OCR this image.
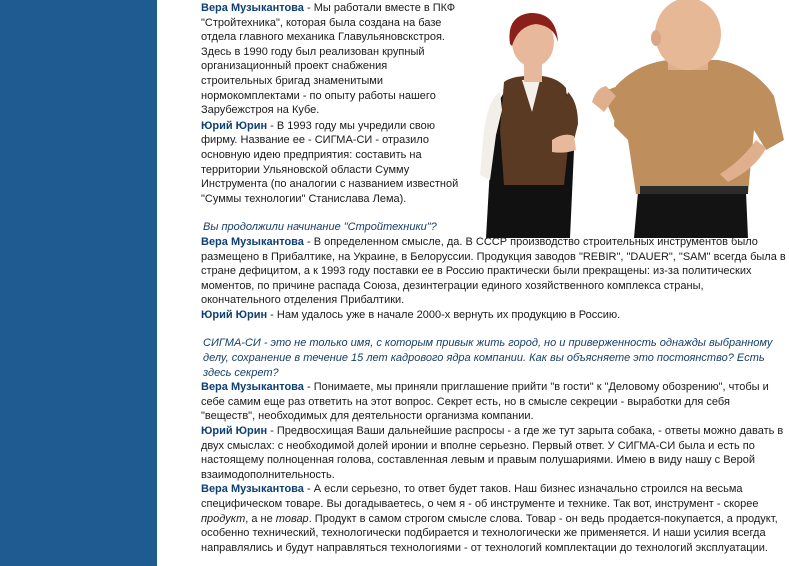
Вера Музыкантова - Мы работали вместе в ПКФ "Стройтехника", которая была создана на базе отдела главного механика Главульяновскстроя. Здесь в 1990 году был реализован крупный организационный проект снабжения строительных бригад знаменитыми нормокомплектами - по опыту работы нашего Зарубежстроя на Кубе.

Юрий Юрин - В 1993 году мы учредили свою фирму. Название ее - СИГМА-СИ - отразило основную идею предприятия: составить на территории Ульяновской области Сумму Инструмента (по аналогии с названием известной "Суммы технологии" Станислава Лема).

Вы продолжили начинание "Стройтехники"?

Вера Музыкантова - В определенном смысле, да. В СССР производство строительных инструментов было размещено в Прибалтике, на Украине, в Белоруссии. Продукция заводов "REBIR", "DAUER", "SAM" всегда была в стране дефицитом, а к 1993 году поставки ее в Россию практически были прекращены: из-за политических моментов, по причине распада Союза, дезинтеграции единого хозяйственного комплекса страны, окончательного отделения Прибалтики.

Юрий Юрин - Нам удалось уже в начале 2000-х вернуть их продукцию в Россию.

СИГМА-СИ - это не только имя, с которым привык жить город, но и приверженность однажды выбранному делу, сохранение в течение 15 лет кадрового ядра компании. Как вы объясняете это постоянство? Есть здесь секрет?

Вера Музыкантова - Понимаете, мы приняли приглашение прийти "в гости" к "Деловому обозрению", чтобы и себе самим еще раз ответить на этот вопрос. Секрет есть, но в смысле секреции - выработки для себя "веществ", необходимых для деятельности организма компании.

Юрий Юрин - Предвосхищая Ваши дальнейшие распросы - а где же тут зарыта собака, - ответы можно давать в двух смыслах: с необходимой долей иронии и вполне серьезно. Первый ответ. У СИГМА-СИ была и есть по настоящему полноценная голова, составленная левым и правым полушариями. Имею в виду нашу с Верой взаимодополнительность.

Вера Музыкантова - А если серьезно, то ответ будет таков. Наш бизнес изначально строился на весьма специфическом товаре. Вы догадываетесь, о чем я - об инструменте и технике. Так вот, инструмент - скорее продукт, а не товар. Продукт в самом строгом смысле слова. Товар - он ведь продается-покупается, а продукт, особенно технический, технологически подбирается и технологически же применяется. И наши усилия всегда направлялись и будут направляться технологиями - от технологий комплектации до технологий эксплуатации.
